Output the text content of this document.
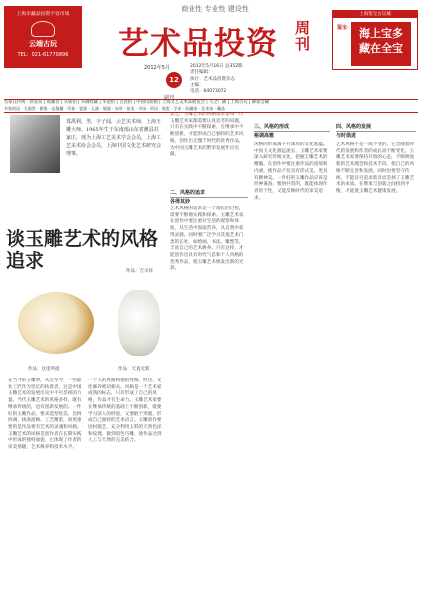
商业性 专业性 建设性
上海市藏品投资不容市场
云端古玩
TEL：021-61770896	艺术品投资 周刊
上海鉴宝古玩城
鉴宝· 海上宝多
藏在全宝
2012年5月
12
副刊
2012年5月16日 总352期
责任编辑：
执行：艺术品投资杂志
主编：
电话：64073072
名家任传统 · 新鉴赏 | 收藏者 | 头版拍 | 书画收藏 | 华意拍 | 古瓷拍 | 中国印油画 | 上海文艺美术品展览会 | 天之广播 | 上海古玩 | 御家会藏
书家琐谈 · 名画赏 · 雅集 · 品鉴藏 · 印象 · 瓷器 · 玉器 · 铜器 · 杂项 · 拍卖 · 市场 · 资讯 · 展览 · 学术 · 收藏家 · 艺术家 · 藏品
郑禹利，男，字子闻，云艺美术师，上海玉雕大师。1965年生于东南部山东省潍县苏家庄，现为上海工艺美术学会会员，上海工艺美术协会会员，上海中国文化艺术研究会理事。
谈玉雕艺术的风格追求	作品：吉羊祥
作品：这里所指	作品：天真无邪
在当今的玉雕界，从古至今，一些职业工匠作为坚定的执着者，这是中国玉雕艺术的发展历史中不可忽视的力量。当代玉雕艺术的风格多样，既有继承传统的，也有创新发展的。一件好的玉雕作品，要求造型优美、比例协调、线条流畅、工艺精湛，而更重要的是作品要有艺术的灵魂和风格。玉雕艺术的风格是创作者在长期实践中形成的独特面貌，它体现了作者的审美情趣、艺术修养和技术水平。
一个人的风格和他的性格、经历、文化修养密切相关。风格是一个艺术家成熟的标志，只有形成了自己的风格，作品才有生命力。玉雕艺术家要在继承传统的基础上不断创新，既要学习前人的经验，又要敢于突破，形成自己独特的艺术语言。玉雕创作要因材施艺，充分利用玉料的天然色泽和纹理，做到俏色巧雕，使作品达到人工与天然的完美结合。
二、风格的追求
各得其妙
总之，玉雕艺术的风格追求是每一位玉雕艺术家都需要认真思考的问题。只有在实践中不断探索，在继承中不断创新，才能形成自己独特的艺术风格，创作出无愧于时代的优秀作品，为中国玉雕艺术的繁荣发展作出贡献。
艺术风格的追求是一个漫长的过程，需要不断地实践和探索。玉雕艺术家在创作中要注重对生活的观察和体验，从生活中汲取营养，从自然中获得灵感。同时要广泛学习其他艺术门类的长处，如绘画、书法、雕塑等，丰富自己的艺术修养。只有这样，才能创作出具有时代气息和个人风格的优秀作品，使玉雕艺术焕发出新的光彩。
三、风格的形成
格调高雅
风格的形成离不开深厚的文化底蕴。中国玉文化源远流长，玉雕艺术家要深入研究传统文化，把握玉雕艺术的精髓。在创作中要注重作品的意境和内涵，使作品不仅具有形式美，更具有精神美。一件好的玉雕作品应该是形神兼备、雅俗共赏的，既能体现作者的个性，又能反映时代的审美追求。
四、风格的发展
与时俱进
艺术风格不是一成不变的，它会随着时代的发展和作者的成长而不断变化。玉雕艺术家要保持开放的心态，不断吸收新的艺术理念和技术手段，使自己的风格不断完善和发展。同时也要坚守传统，不能盲目追求新奇而丢掉了玉雕艺术的本质。在继承与创新之间找到平衡，才能使玉雕艺术健康发展。
